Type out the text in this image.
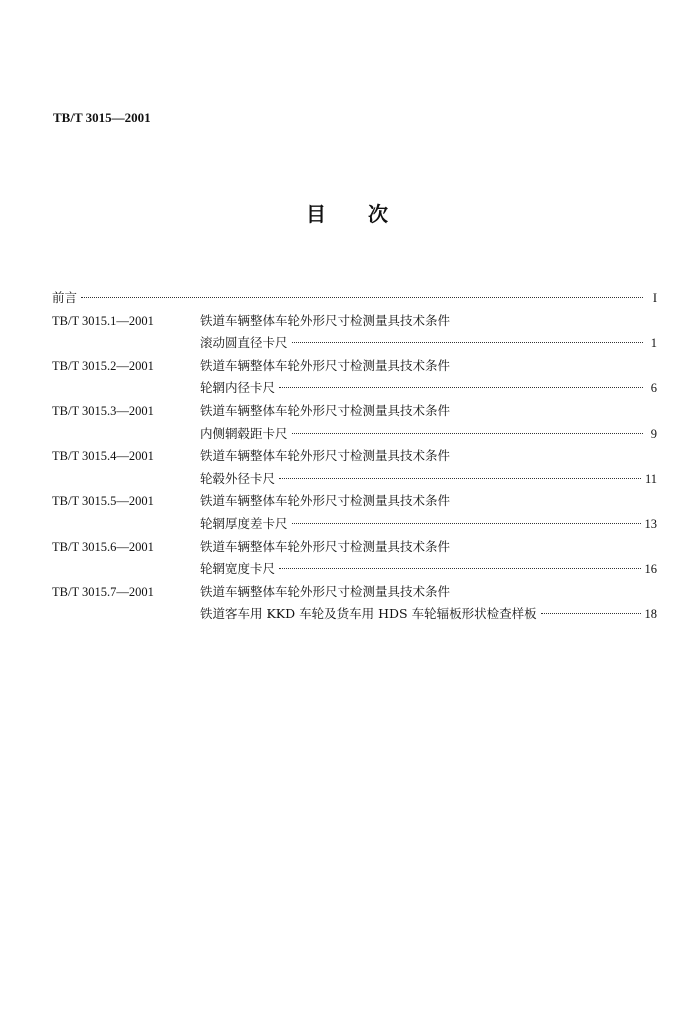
TB/T 3015—2001
目 次
前言	I
TB/T 3015.1—2001	铁道车辆整体车轮外形尺寸检测量具技术条件
滚动圆直径卡尺	1
TB/T 3015.2—2001	铁道车辆整体车轮外形尺寸检测量具技术条件
轮辋内径卡尺	6
TB/T 3015.3—2001	铁道车辆整体车轮外形尺寸检测量具技术条件
内侧辋毂距卡尺	9
TB/T 3015.4—2001	铁道车辆整体车轮外形尺寸检测量具技术条件
轮毂外径卡尺	11
TB/T 3015.5—2001	铁道车辆整体车轮外形尺寸检测量具技术条件
轮辋厚度差卡尺	13
TB/T 3015.6—2001	铁道车辆整体车轮外形尺寸检测量具技术条件
轮辋宽度卡尺	16
TB/T 3015.7—2001	铁道车辆整体车轮外形尺寸检测量具技术条件
铁道客车用 KKD 车轮及货车用 HDS 车轮辐板形状检查样板	18
